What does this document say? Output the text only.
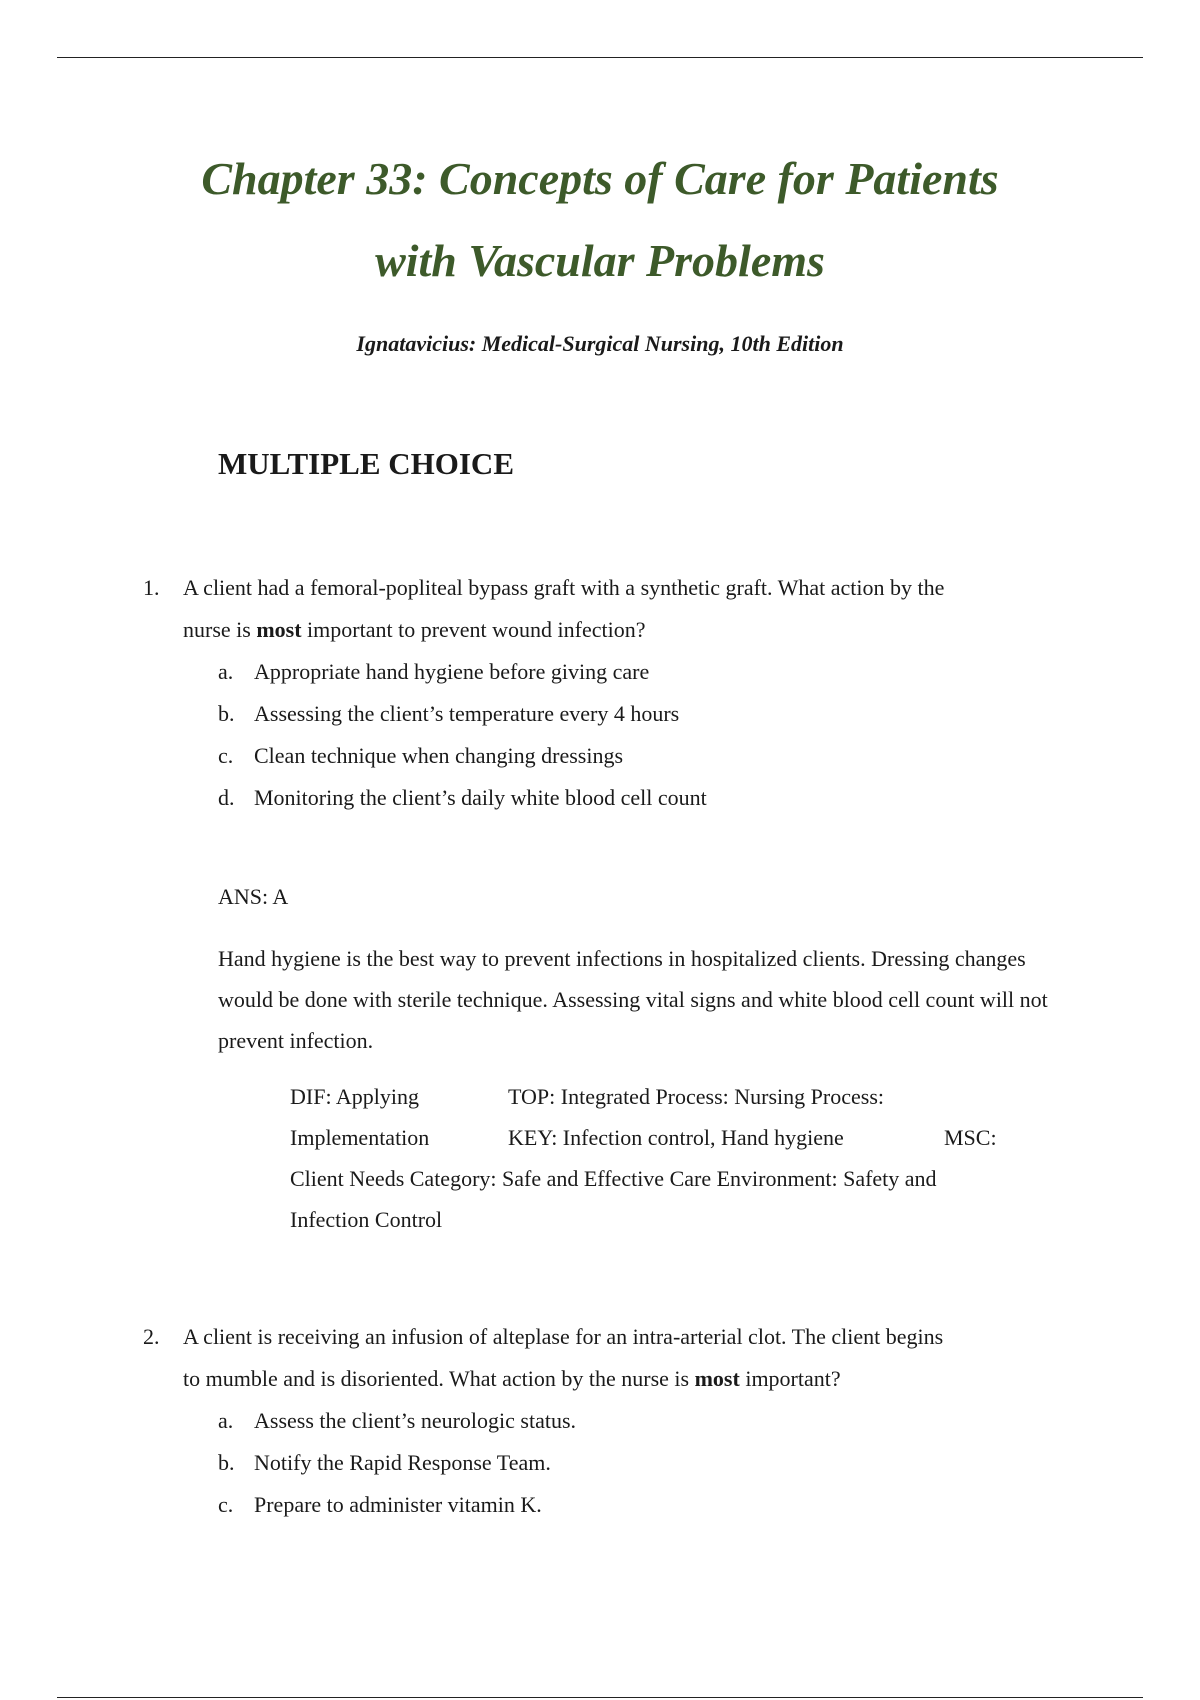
Chapter 33: Concepts of Care for Patients
with Vascular Problems
Ignatavicius: Medical-Surgical Nursing, 10th Edition
MULTIPLE CHOICE
1. A client had a femoral-popliteal bypass graft with a synthetic graft. What action by the
nurse is most important to prevent wound infection?
a. Appropriate hand hygiene before giving care
b. Assessing the client’s temperature every 4 hours
c. Clean technique when changing dressings
d. Monitoring the client’s daily white blood cell count
ANS: A
Hand hygiene is the best way to prevent infections in hospitalized clients. Dressing changes would be done with sterile technique. Assessing vital signs and white blood cell count will not prevent infection.
DIF: Applying	TOP: Integrated Process: Nursing Process:
Implementation	KEY: Infection control, Hand hygiene	MSC:
Client Needs Category: Safe and Effective Care Environment: Safety and
Infection Control
2. A client is receiving an infusion of alteplase for an intra-arterial clot. The client begins
to mumble and is disoriented. What action by the nurse is most important?
a. Assess the client’s neurologic status.
b. Notify the Rapid Response Team.
c. Prepare to administer vitamin K.
